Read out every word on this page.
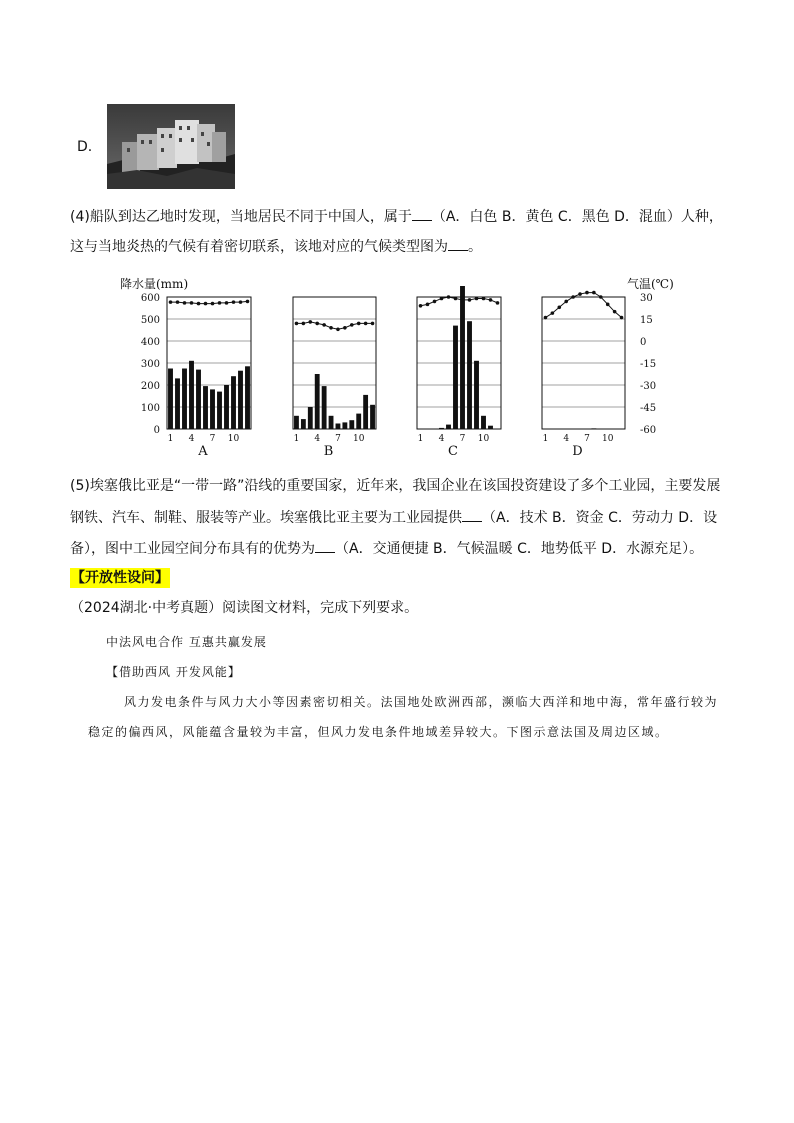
D.
(4)船队到达乙地时发现，当地居民不同于中国人，属于 （A．白色 B．黄色 C．黑色 D．混血）人种，
这与当地炎热的气候有着密切联系，该地对应的气候类型图为 。
降水量(mm)
600
500
400
300
200
100
0
气温(℃)
30
15
0
-15
-30
-45
-60
1 4 7 10
A
1 4 7 10
B
1 4 7 10
C
1 4 7 10
D
(5)埃塞俄比亚是“一带一路”沿线的重要国家，近年来，我国企业在该国投资建设了多个工业园，主要发展
钢铁、汽车、制鞋、服装等产业。埃塞俄比亚主要为工业园提供 （A．技术 B．资金 C．劳动力 D．设
备），图中工业园空间分布具有的优势为 （A．交通便捷 B．气候温暖 C．地势低平 D．水源充足）。
【开放性设问】
（2024湖北·中考真题）阅读图文材料，完成下列要求。
中法风电合作 互惠共赢发展
【借助西风 开发风能】
风力发电条件与风力大小等因素密切相关。法国地处欧洲西部，濒临大西洋和地中海，常年盛行较为
稳定的偏西风，风能蕴含量较为丰富，但风力发电条件地域差异较大。下图示意法国及周边区域。
